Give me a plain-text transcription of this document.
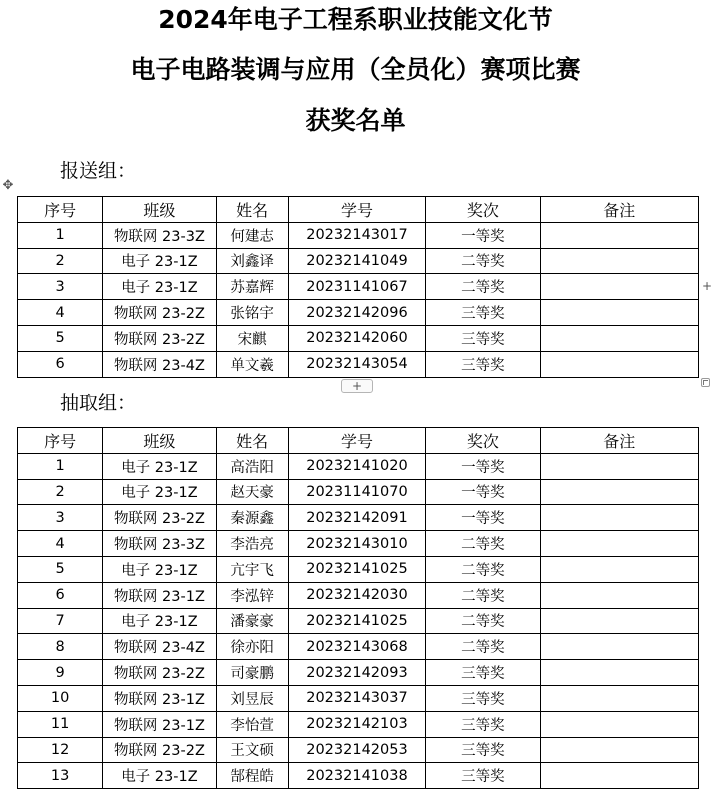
2024年电子工程系职业技能文化节
电子电路装调与应用（全员化）赛项比赛
获奖名单
✥
报送组：
序号	班级	姓名	学号	奖次	备注
1	物联网 23-3Z	何建志	20232143017	一等奖	
2	电子 23-1Z	刘鑫译	20232141049	二等奖	
3	电子 23-1Z	苏嘉辉	20231141067	二等奖	
4	物联网 23-2Z	张铭宇	20232142096	三等奖	
5	物联网 23-2Z	宋麒	20232142060	三等奖	
6	物联网 23-4Z	单文羲	20232143054	三等奖	
+
+
抽取组：
序号	班级	姓名	学号	奖次	备注
1	电子 23-1Z	高浩阳	20232141020	一等奖	
2	电子 23-1Z	赵天豪	20231141070	一等奖	
3	物联网 23-2Z	秦源鑫	20232142091	一等奖	
4	物联网 23-3Z	李浩亮	20232143010	二等奖	
5	电子 23-1Z	亢宇飞	20232141025	二等奖	
6	物联网 23-1Z	李泓锌	20232142030	二等奖	
7	电子 23-1Z	潘豪豪	20232141025	二等奖	
8	物联网 23-4Z	徐亦阳	20232143068	二等奖	
9	物联网 23-2Z	司豪鹏	20232142093	三等奖	
10	物联网 23-1Z	刘昱辰	20232143037	三等奖	
11	物联网 23-1Z	李怡萱	20232142103	三等奖	
12	物联网 23-2Z	王文硕	20232142053	三等奖	
13	电子 23-1Z	郜程皓	20232141038	三等奖	
